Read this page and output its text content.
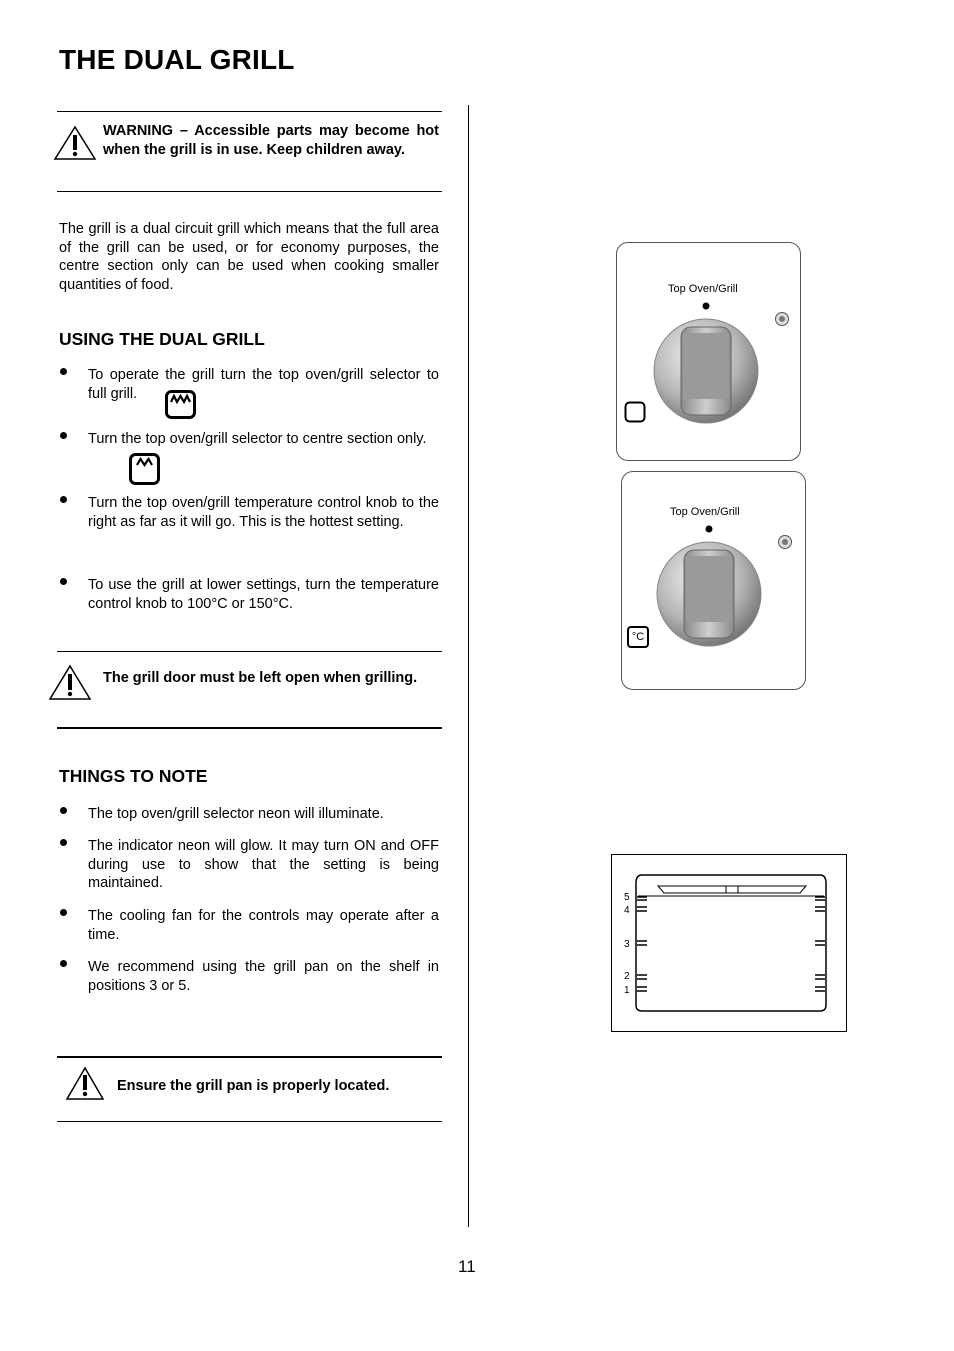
THE DUAL GRILL
WARNING – Accessible parts may become hot when the grill is in use. Keep children away.
The grill is a dual circuit grill which means that the full area of the grill can be used, or for economy purposes, the centre section only can be used when cooking smaller quantities of food.
USING THE DUAL GRILL
To operate the grill turn the top oven/grill selector to full grill.
Turn the top oven/grill selector to centre section only.
Turn the top oven/grill temperature control knob to the right as far as it will go. This is the hottest setting.
To use the grill at lower settings, turn the temperature control knob to 100°C or 150°C.
The grill door must be left open when grilling.
THINGS TO NOTE
The top oven/grill selector neon will illuminate.
The indicator neon will glow. It may turn ON and OFF during use to show that the setting is being maintained.
The cooling fan for the controls may operate after a time.
We recommend using the grill pan on the shelf in positions 3 or 5.
Ensure the grill pan is properly located.
Top Oven/Grill
Top Oven/Grill
°C
5
4
3
2
1
11
